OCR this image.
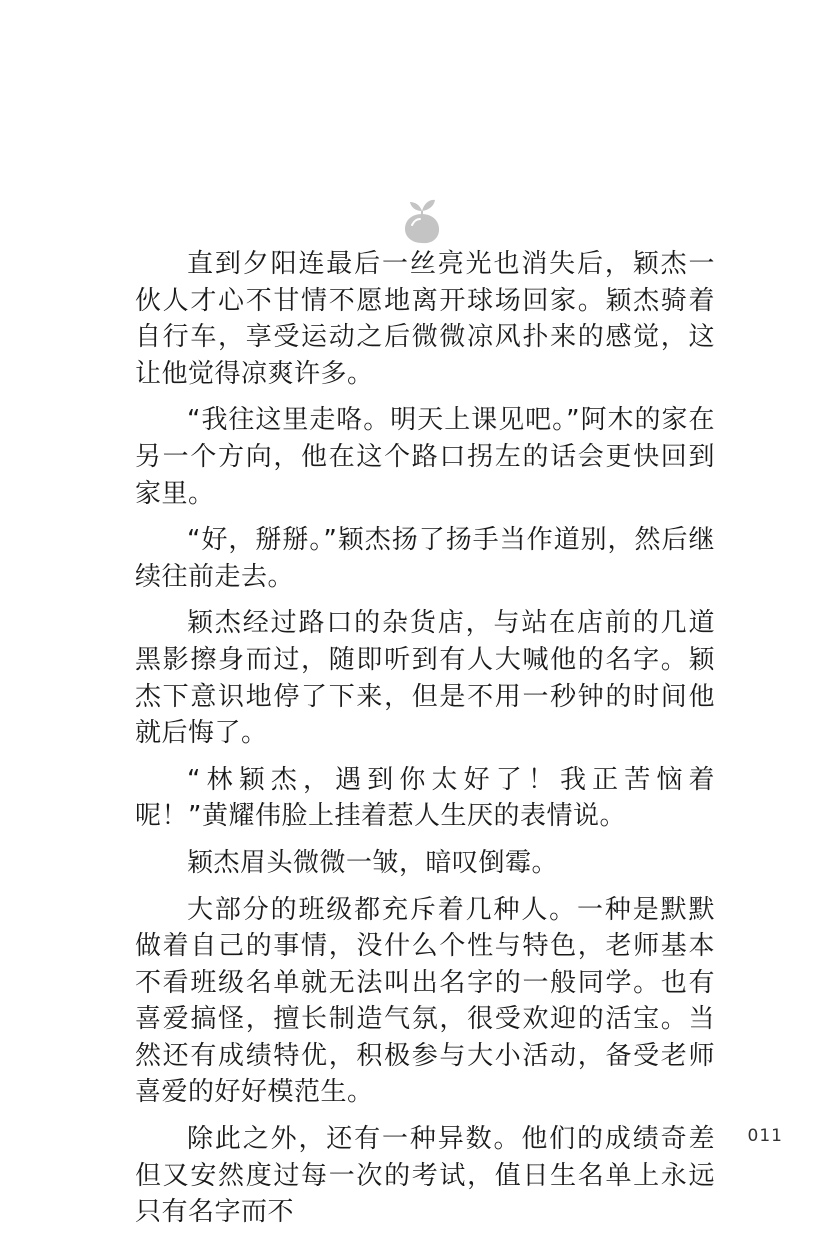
直到夕阳连最后一丝亮光也消失后，颖杰一伙人才心不甘情不愿地离开球场回家。颖杰骑着自行车，享受运动之后微微凉风扑来的感觉，这让他觉得凉爽许多。

“我往这里走咯。明天上课见吧。”阿木的家在另一个方向，他在这个路口拐左的话会更快回到家里。

“好，掰掰。”颖杰扬了扬手当作道别，然后继续往前走去。

颖杰经过路口的杂货店，与站在店前的几道黑影擦身而过，随即听到有人大喊他的名字。颖杰下意识地停了下来，但是不用一秒钟的时间他就后悔了。

“林颖杰，遇到你太好了！我正苦恼着呢！”黄耀伟脸上挂着惹人生厌的表情说。

颖杰眉头微微一皱，暗叹倒霉。

大部分的班级都充斥着几种人。一种是默默做着自己的事情，没什么个性与特色，老师基本不看班级名单就无法叫出名字的一般同学。也有喜爱搞怪，擅长制造气氛，很受欢迎的活宝。当然还有成绩特优，积极参与大小活动，备受老师喜爱的好好模范生。

除此之外，还有一种异数。他们的成绩奇差但又安然度过每一次的考试，值日生名单上永远只有名字而不

011
